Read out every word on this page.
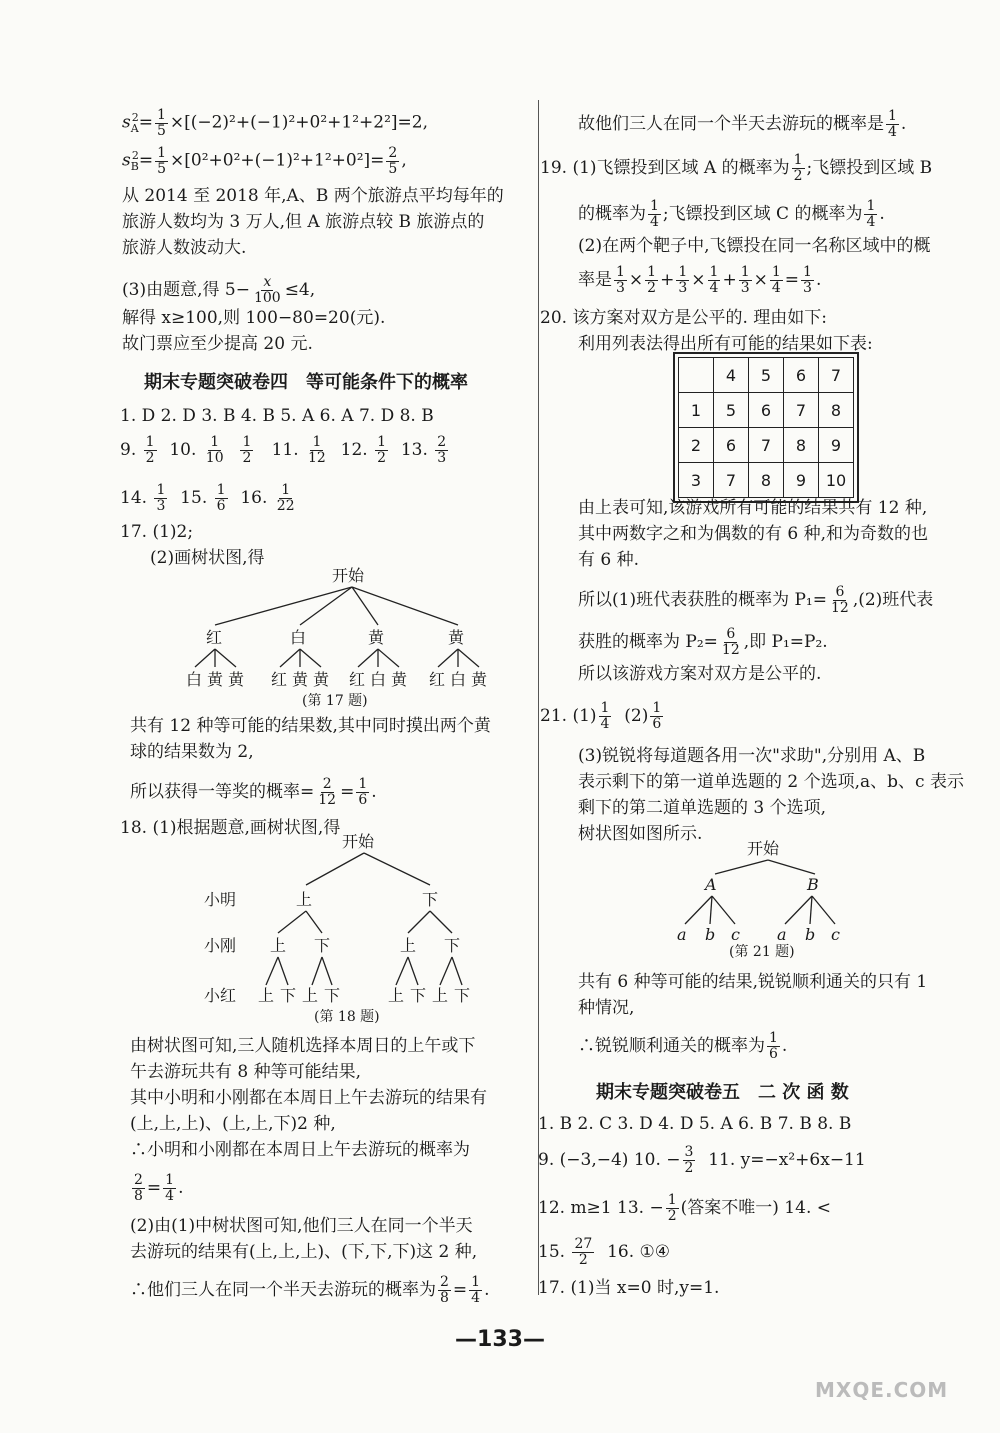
$s_A^2= \frac{1}{5} \times[(-2)^2+(-1)^2+0^2+1^2+2^2]=2$,
$s_B^2= \frac{1}{5} \times[0^2+0^2+(-1)^2+1^2+0^2]= \frac{2}{5}$ ,
从 2014 至 2018 年,A、B 两个旅游点平均每年的
旅游人数均为 3 万人,但 A 旅游点较 B 旅游点的
旅游人数波动大.
(3)由题意,得 $5- \frac{x}{100} \le 4$,
解得 x≥100,则 100−80=20(元).
故门票应至少提高 20 元.
期末专题突破卷四　等可能条件下的概率
1. D 2. D 3. B 4. B 5. A 6. A 7. D 8. B
9. $\frac{1}{2} 10$. $\frac{1}{10}$
$\frac{1}{2} 11$. $\frac{1}{12} 12$. $\frac{1}{2} 13$. $\frac{2}{3}$
14. $\frac{1}{3} 15$. $\frac{1}{6} 16$. $\frac{1}{22}$
17. (1)2;
(2)画树状图,得
开始
红	白	黄	黄
白 黄 黄 红 黄 黄 红 白 黄 红 白 黄
(第 17 题)
共有 12 种等可能的结果数,其中同时摸出两个黄
球的结果数为 2,
所以获得一等奖的概率= $\frac{2}{12} = \frac{1}{6}$ .
18. (1)根据题意,画树状图,得
开始
小明	上	下
小刚 上 下	上 下
小红 上 下 上 下	上 下 上 下
(第 18 题)
由树状图可知,三人随机选择本周日的上午或下
午去游玩共有 8 种等可能结果,
其中小明和小刚都在本周日上午去游玩的结果有
(上,上,上)、(上,上,下)2 种,
∴小明和小刚都在本周日上午去游玩的概率为
$\frac{2}{8} = \frac{1}{4}$ .
(2)由(1)中树状图可知,他们三人在同一个半天
去游玩的结果有(上,上,上)、(下,下,下)这 2 种,
∴他们三人在同一个半天去游玩的概率为 $\frac{2}{8} = \frac{1}{4}$ .
故他们三人在同一个半天去游玩的概率是 $\frac{1}{4}$ .
19. (1)飞镖投到区域 A 的概率为 $\frac{1}{2}$ ;飞镖投到区域 B
的概率为 $\frac{1}{4}$ ;飞镖投到区域 C 的概率为 $\frac{1}{4}$ .
(2)在两个靶子中,飞镖投在同一名称区域中的概
率是 $\frac{1}{3} \times \frac{1}{2} + \frac{1}{3} \times \frac{1}{4} + \frac{1}{3} \times \frac{1}{4} = \frac{1}{3}$ .
20. 该方案对双方是公平的. 理由如下:
利用列表法得出所有可能的结果如下表:
	4	5	6	7
1	5	6	7	8
2	6	7	8	9
3	7	8	9	10
由上表可知,该游戏所有可能的结果共有 12 种,
其中两数字之和为偶数的有 6 种,和为奇数的也
有 6 种.
所以(1)班代表获胜的概率为 $P_1= \frac{6}{12} ,(2)$班代表
获胜的概率为 $P_2= \frac{6}{12}$ ,即 P₁=P₂.
所以该游戏方案对双方是公平的.
21. $(1) \frac{1}{4} (2) \frac{1}{6}$
(3)锐锐将每道题各用一次"求助",分别用 A、B
表示剩下的第一道单选题的 2 个选项,a、b、c 表示
剩下的第二道单选题的 3 个选项,
树状图如图所示.
开始
A	B
a b c a b c
(第 21 题)
共有 6 种等可能的结果,锐锐顺利通关的只有 1
种情况,
∴锐锐顺利通关的概率为 $\frac{1}{6}$ .
期末专题突破卷五　二 次 函 数
1. B 2. C 3. D 4. D 5. A 6. B 7. B 8. B
9. (−3,−4) 10. − $\frac{3}{2} 11$. y=−x²+6x−11
12. m≥1 13. − $\frac{1}{2}$ (答案不唯一) 14. <
15. $\frac{27}{2} 16$. ①④
17. (1)当 x=0 时,y=1.
—133—
MXQE.COM
